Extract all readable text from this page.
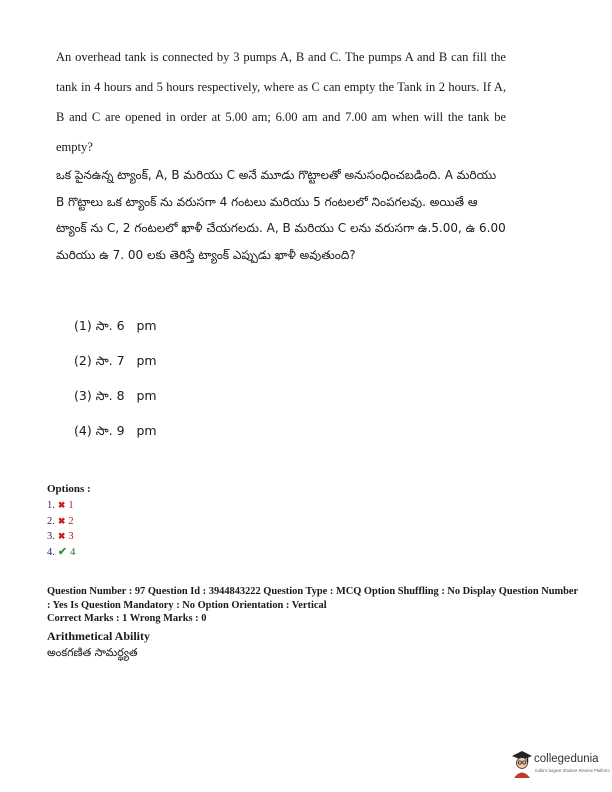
An overhead tank is connected by 3 pumps A, B and C. The pumps A and B can fill the tank in 4 hours and 5 hours respectively, where as C can empty the Tank in 2 hours. If A, B and C are opened in order at 5.00 am; 6.00 am and 7.00 am when will the tank be empty?
ఒక పైనఉన్న ట్యాంక్, A, B మరియు C అనే మూడు గొట్టాలతో అనుసంధించబడింది. A మరియు B గొట్టాలు ఒక ట్యాంక్ ను వరుసగా 4 గంటలు మరియు 5 గంటలలో నింపగలవు. అయితే ఆ ట్యాంక్ ను C, 2 గంటలలో ఖాళీ చేయగలదు. A, B మరియు C లను వరుసగా ఉ.5.00, ఉ 6.00 మరియు ఉ 7. 00 లకు తెరిస్తే ట్యాంక్ ఎప్పుడు ఖాళీ అవుతుంది?
(1) సా. 6 pm
(2) సా. 7 pm
(3) సా. 8 pm
(4) సా. 9 pm
Options :
1. ✖ 1
2. ✖ 2
3. ✖ 3
4. ✔ 4
Question Number : 97 Question Id : 3944843222 Question Type : MCQ Option Shuffling : No Display Question Number : Yes Is Question Mandatory : No Option Orientation : Vertical
Correct Marks : 1 Wrong Marks : 0
Arithmetical Ability
అంకగణిత సామర్థ్యత
collegedunia
India's largest Student Review Platform
